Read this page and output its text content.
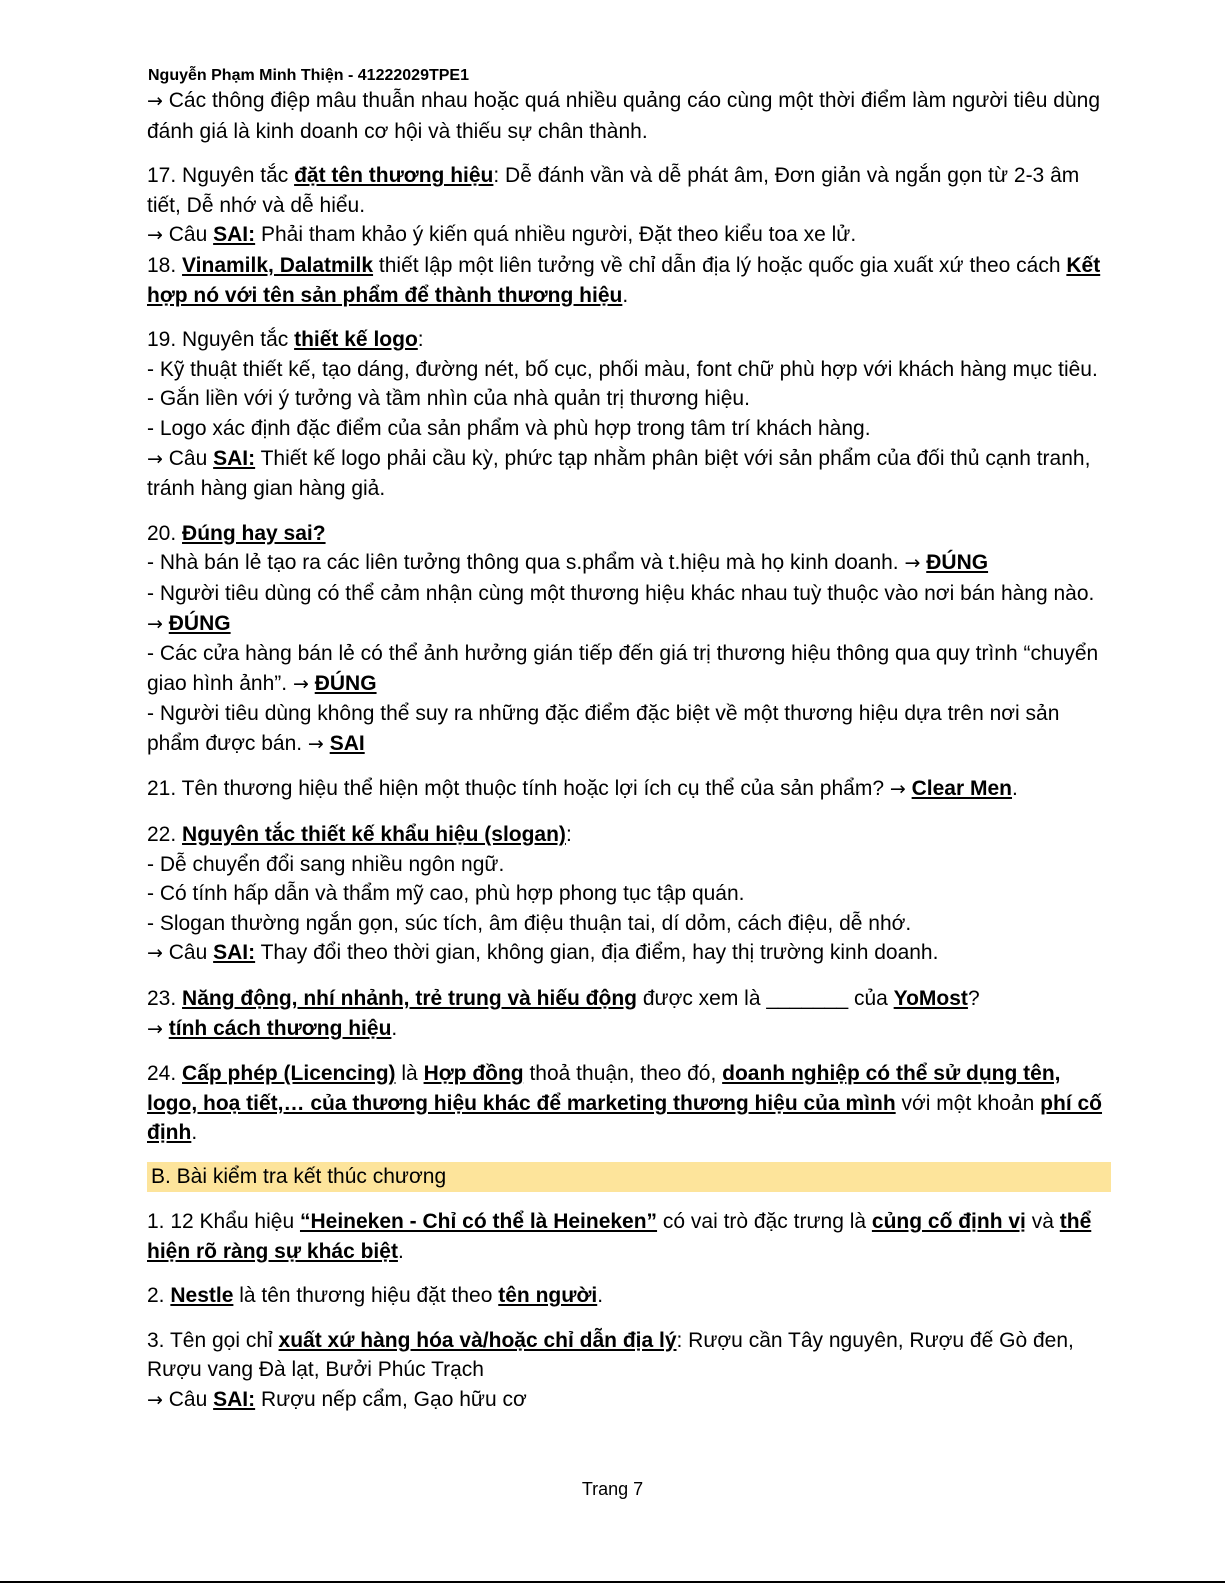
Nguyễn Phạm Minh Thiện - 41222029TPE1

→ Các thông điệp mâu thuẫn nhau hoặc quá nhiều quảng cáo cùng một thời điểm làm người tiêu dùng đánh giá là kinh doanh cơ hội và thiếu sự chân thành.

17. Nguyên tắc đặt tên thương hiệu: Dễ đánh vần và dễ phát âm, Đơn giản và ngắn gọn từ 2-3 âm tiết, Dễ nhớ và dễ hiểu.

→ Câu SAI: Phải tham khảo ý kiến quá nhiều người, Đặt theo kiểu toa xe lử.

18. Vinamilk, Dalatmilk thiết lập một liên tưởng về chỉ dẫn địa lý hoặc quốc gia xuất xứ theo cách Kết hợp nó với tên sản phẩm để thành thương hiệu.

19. Nguyên tắc thiết kế logo:

- Kỹ thuật thiết kế, tạo dáng, đường nét, bố cục, phối màu, font chữ phù hợp với khách hàng mục tiêu.

- Gắn liền với ý tưởng và tầm nhìn của nhà quản trị thương hiệu.

- Logo xác định đặc điểm của sản phẩm và phù hợp trong tâm trí khách hàng.

→ Câu SAI: Thiết kế logo phải cầu kỳ, phức tạp nhằm phân biệt với sản phẩm của đối thủ cạnh tranh, tránh hàng gian hàng giả.

20. Đúng hay sai?

- Nhà bán lẻ tạo ra các liên tưởng thông qua s.phẩm và t.hiệu mà họ kinh doanh. → ĐÚNG

- Người tiêu dùng có thể cảm nhận cùng một thương hiệu khác nhau tuỳ thuộc vào nơi bán hàng nào. → ĐÚNG

- Các cửa hàng bán lẻ có thể ảnh hưởng gián tiếp đến giá trị thương hiệu thông qua quy trình “chuyển giao hình ảnh”. → ĐÚNG

- Người tiêu dùng không thể suy ra những đặc điểm đặc biệt về một thương hiệu dựa trên nơi sản phẩm được bán. → SAI

21. Tên thương hiệu thể hiện một thuộc tính hoặc lợi ích cụ thể của sản phẩm? → Clear Men.

22. Nguyên tắc thiết kế khẩu hiệu (slogan):

- Dễ chuyển đổi sang nhiều ngôn ngữ.

- Có tính hấp dẫn và thẩm mỹ cao, phù hợp phong tục tập quán.

- Slogan thường ngắn gọn, súc tích, âm điệu thuận tai, dí dỏm, cách điệu, dễ nhớ.

→ Câu SAI: Thay đổi theo thời gian, không gian, địa điểm, hay thị trường kinh doanh.

23. Năng động, nhí nhảnh, trẻ trung và hiếu động được xem là _______ của YoMost?

→ tính cách thương hiệu.

24. Cấp phép (Licencing) là Hợp đồng thoả thuận, theo đó, doanh nghiệp có thể sử dụng tên, logo, hoạ tiết,… của thương hiệu khác để marketing thương hiệu của mình với một khoản phí cố định.

B. Bài kiểm tra kết thúc chương

1. 12 Khẩu hiệu “Heineken - Chỉ có thể là Heineken” có vai trò đặc trưng là củng cố định vị và thể hiện rõ ràng sự khác biệt.

2. Nestle là tên thương hiệu đặt theo tên người.

3. Tên gọi chỉ xuất xứ hàng hóa và/hoặc chỉ dẫn địa lý: Rượu cần Tây nguyên, Rượu đế Gò đen, Rượu vang Đà lạt, Bưởi Phúc Trạch

→ Câu SAI: Rượu nếp cẩm, Gạo hữu cơ

Trang 7
